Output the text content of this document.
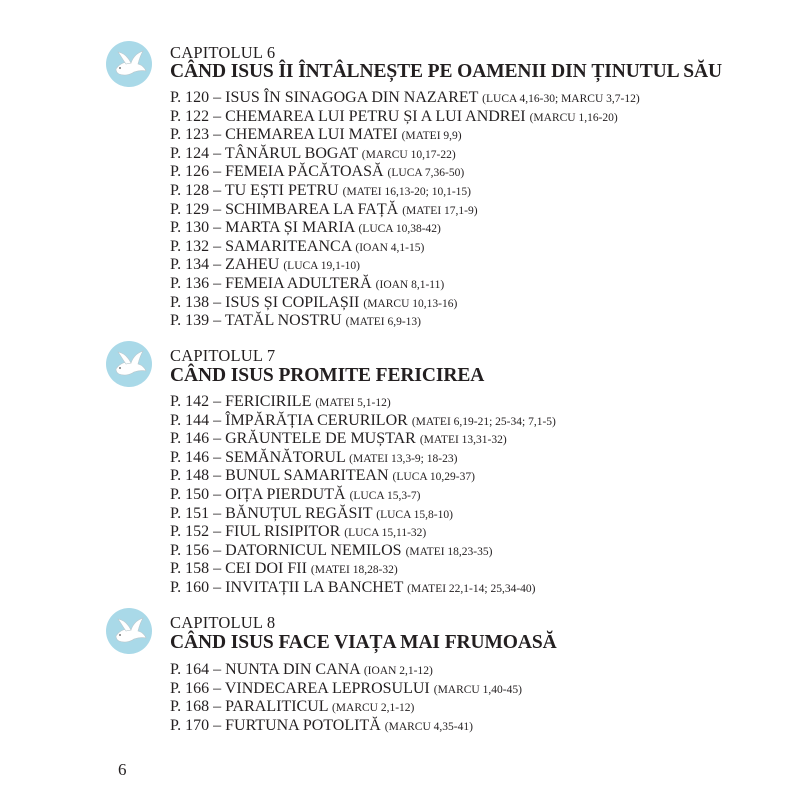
CAPITOLUL 6
CÂND ISUS ÎI ÎNTÂLNEȘTE PE OAMENII DIN ȚINUTUL SĂU
P. 120 – ISUS ÎN SINAGOGA DIN NAZARET (LUCA 4,16-30; MARCU 3,7-12)
P. 122 – CHEMAREA LUI PETRU ȘI A LUI ANDREI (MARCU 1,16-20)
P. 123 – CHEMAREA LUI MATEI (MATEI 9,9)
P. 124 – TÂNĂRUL BOGAT (MARCU 10,17-22)
P. 126 – FEMEIA PĂCĂTOASĂ (LUCA 7,36-50)
P. 128 – TU EȘTI PETRU (MATEI 16,13-20; 10,1-15)
P. 129 – SCHIMBAREA LA FAȚĂ (MATEI 17,1-9)
P. 130 – MARTA ȘI MARIA (LUCA 10,38-42)
P. 132 – SAMARITEANCA (IOAN 4,1-15)
P. 134 – ZAHEU (LUCA 19,1-10)
P. 136 – FEMEIA ADULTERĂ (IOAN 8,1-11)
P. 138 – ISUS ȘI COPILAȘII (MARCU 10,13-16)
P. 139 – TATĂL NOSTRU (MATEI 6,9-13)
CAPITOLUL 7
CÂND ISUS PROMITE FERICIREA
P. 142 – FERICIRILE (MATEI 5,1-12)
P. 144 – ÎMPĂRĂȚIA CERURILOR (MATEI 6,19-21; 25-34; 7,1-5)
P. 146 – GRĂUNTELE DE MUȘTAR (MATEI 13,31-32)
P. 146 – SEMĂNĂTORUL (MATEI 13,3-9; 18-23)
P. 148 – BUNUL SAMARITEAN (LUCA 10,29-37)
P. 150 – OIȚA PIERDUTĂ (LUCA 15,3-7)
P. 151 – BĂNUȚUL REGĂSIT (LUCA 15,8-10)
P. 152 – FIUL RISIPITOR (LUCA 15,11-32)
P. 156 – DATORNICUL NEMILOS (MATEI 18,23-35)
P. 158 – CEI DOI FII (MATEI 18,28-32)
P. 160 – INVITAȚII LA BANCHET (MATEI 22,1-14; 25,34-40)
CAPITOLUL 8
CÂND ISUS FACE VIAȚA MAI FRUMOASĂ
P. 164 – NUNTA DIN CANA (IOAN 2,1-12)
P. 166 – VINDECAREA LEPROSULUI (MARCU 1,40-45)
P. 168 – PARALITICUL (MARCU 2,1-12)
P. 170 – FURTUNA POTOLITĂ (MARCU 4,35-41)
6
